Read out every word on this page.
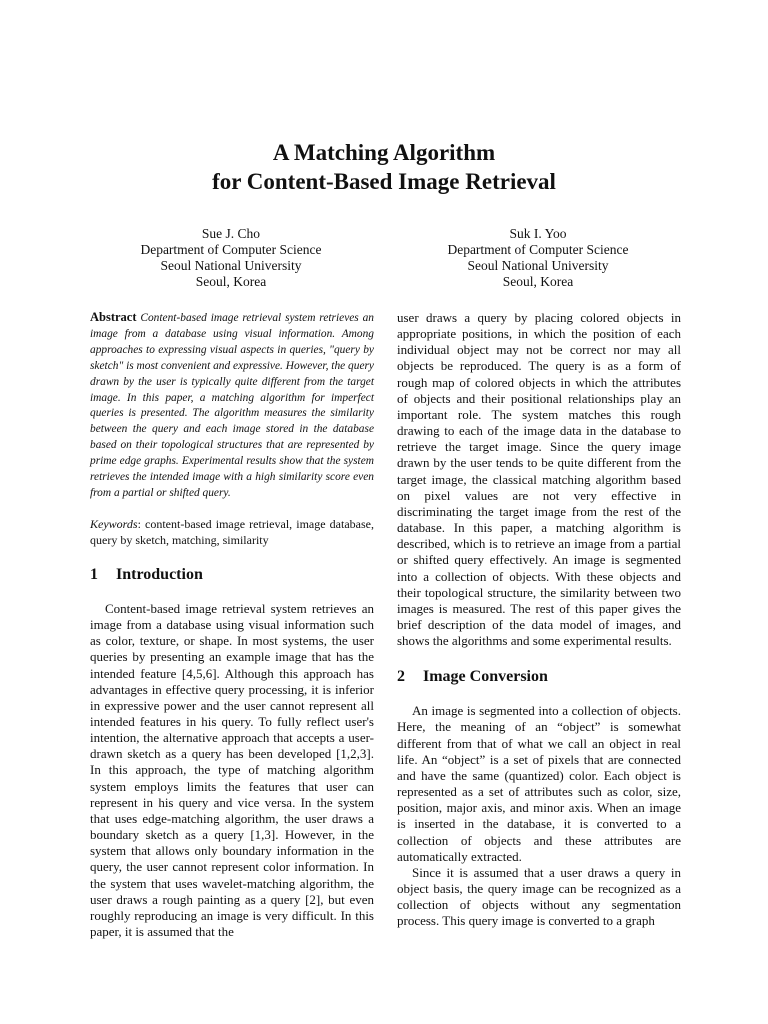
A Matching Algorithm
for Content-Based Image Retrieval
Sue J. Cho
Department of Computer Science
Seoul National University
Seoul, Korea
Suk I. Yoo
Department of Computer Science
Seoul National University
Seoul, Korea

Abstract Content-based image retrieval system retrieves an image from a database using visual information. Among approaches to expressing visual aspects in queries, "query by sketch" is most convenient and expressive. However, the query drawn by the user is typically quite different from the target image. In this paper, a matching algorithm for imperfect queries is presented. The algorithm measures the similarity between the query and each image stored in the database based on their topological structures that are represented by prime edge graphs. Experimental results show that the system retrieves the intended image with a high similarity score even from a partial or shifted query.

Keywords: content-based image retrieval, image database, query by sketch, matching, similarity

1 Introduction

Content-based image retrieval system retrieves an image from a database using visual information such as color, texture, or shape. In most systems, the user queries by presenting an example image that has the intended feature [4,5,6]. Although this approach has advantages in effective query processing, it is inferior in expressive power and the user cannot represent all intended features in his query. To fully reflect user's intention, the alternative approach that accepts a user-drawn sketch as a query has been developed [1,2,3]. In this approach, the type of matching algorithm system employs limits the features that user can represent in his query and vice versa. In the system that uses edge-matching algorithm, the user draws a boundary sketch as a query [1,3]. However, in the system that allows only boundary information in the query, the user cannot represent color information. In the system that uses wavelet-matching algorithm, the user draws a rough painting as a query [2], but even roughly reproducing an image is very difficult. In this paper, it is assumed that the

user draws a query by placing colored objects in appropriate positions, in which the position of each individual object may not be correct nor may all objects be reproduced. The query is as a form of rough map of colored objects in which the attributes of objects and their positional relationships play an important role. The system matches this rough drawing to each of the image data in the database to retrieve the target image. Since the query image drawn by the user tends to be quite different from the target image, the classical matching algorithm based on pixel values are not very effective in discriminating the target image from the rest of the database. In this paper, a matching algorithm is described, which is to retrieve an image from a partial or shifted query effectively. An image is segmented into a collection of objects. With these objects and their topological structure, the similarity between two images is measured. The rest of this paper gives the brief description of the data model of images, and shows the algorithms and some experimental results.

2 Image Conversion

An image is segmented into a collection of objects. Here, the meaning of an “object” is somewhat different from that of what we call an object in real life. An “object” is a set of pixels that are connected and have the same (quantized) color. Each object is represented as a set of attributes such as color, size, position, major axis, and minor axis. When an image is inserted in the database, it is converted to a collection of objects and these attributes are automatically extracted.

Since it is assumed that a user draws a query in object basis, the query image can be recognized as a collection of objects without any segmentation process. This query image is converted to a graph
